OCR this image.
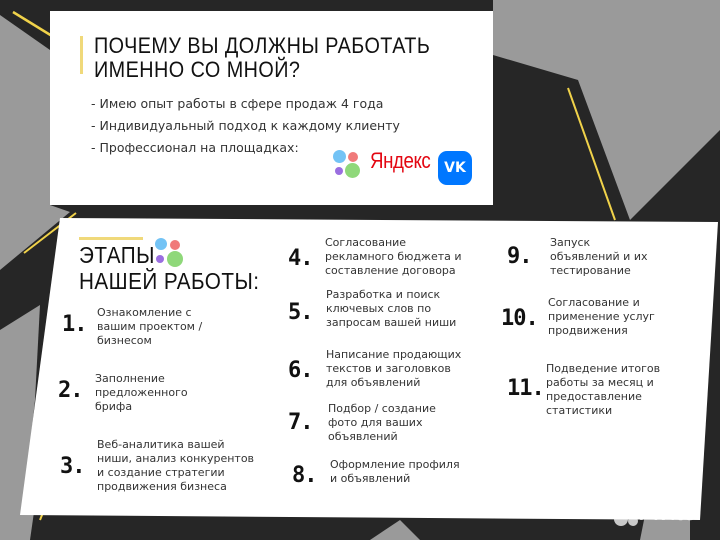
ПОЧЕМУ ВЫ ДОЛЖНЫ РАБОТАТЬ
ИМЕННО СО МНОЙ?
- Имею опыт работы в сфере продаж 4 года
- Индивидуальный подход к каждому клиенту
- Профессионал на площадках:
Яндекс VK
ЭТАПЫ
НАШЕЙ РАБОТЫ:
1. Ознакомление с
вашим проектом /
бизнесом
2. Заполнение
предложенного
брифа
3.
Веб-аналитика вашей
ниши, анализ конкурентов
и создание стратегии
продвижения бизнеса
4.
Согласование
рекламного бюджета и
составление договора
5.
Разработка и поиск
ключевых слов по
запросам вашей ниши
6.
Написание продающих
текстов и заголовков
для объявлений
7.
Подбор / создание
фото для ваших
объявлений
8. Оформление профиля
и объявлений
9.
Запуск
объявлений и их
тестирование
10.
Согласование и
применение услуг
продвижения
11.
Подведение итогов
работы за месяц и
предоставление
статистики
Avito
